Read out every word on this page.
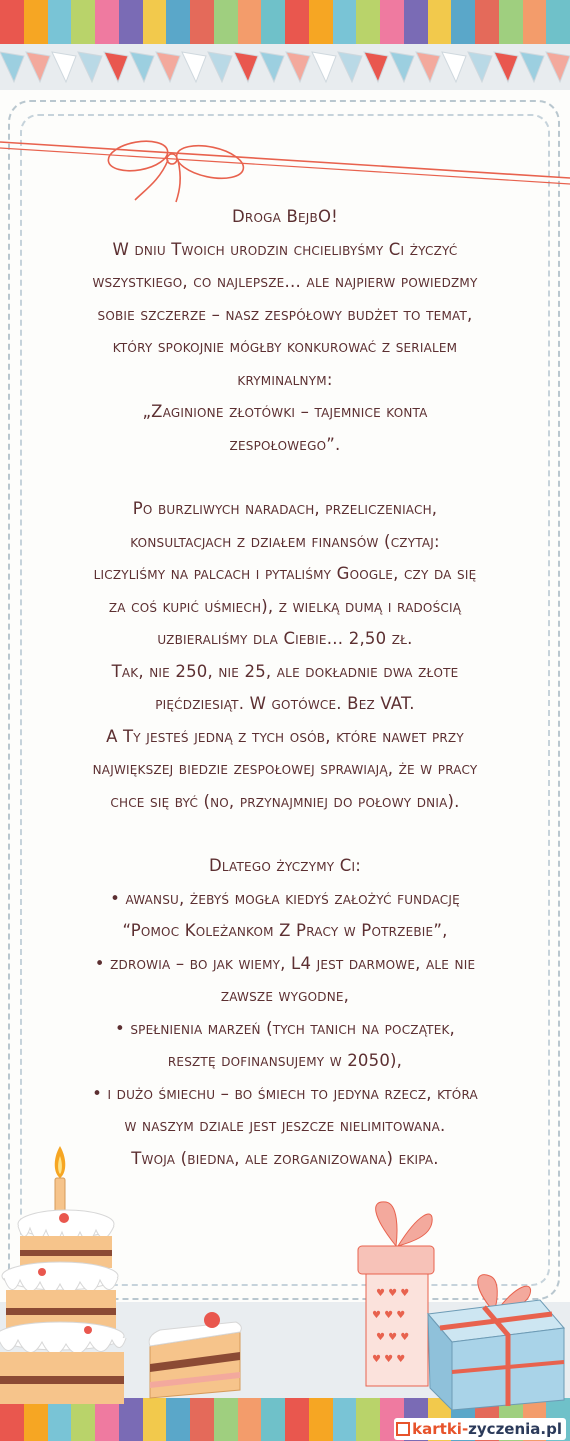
Droga BejbO!

W dniu Twoich urodzin chcielibyśmy Ci życzyć
wszystkiego, co najlepsze… ale najpierw powiedzmy
sobie szczerze – nasz zespółowy budżet to temat,
który spokojnie mógłby konkurować z serialem
kryminalnym:
„Zaginione złotówki – tajemnice konta
zespołowego”.

Po burzliwych naradach, przeliczeniach,
konsultacjach z działem finansów (czytaj:
liczyliśmy na palcach i pytaliśmy Google, czy da się
za coś kupić uśmiech), z wielką dumą i radością
uzbieraliśmy dla Ciebie… 2,50 zł.
Tak, nie 250, nie 25, ale dokładnie dwa złote
pięćdziesiąt. W gotówce. Bez VAT.
A Ty jesteś jedną z tych osób, które nawet przy
największej biedzie zespołowej sprawiają, że w pracy
chce się być (no, przynajmniej do połowy dnia).

Dlatego życzymy Ci:

• awansu, żebyś mogła kiedyś założyć fundację
“Pomoc Koleżankom Z Pracy w Potrzebie”,
• zdrowia – bo jak wiemy, L4 jest darmowe, ale nie
zawsze wygodne,
• spełnienia marzeń (tych tanich na początek,
resztę dofinansujemy w 2050),
• i dużo śmiechu – bo śmiech to jedyna rzecz, która
w naszym dziale jest jeszcze nielimitowana.
Twoja (biedna, ale zorganizowana) ekipa.

♥ ♥ ♥
♥ ♥ ♥
♥ ♥ ♥
♥ ♥ ♥
kartki- zyczenia.pl
